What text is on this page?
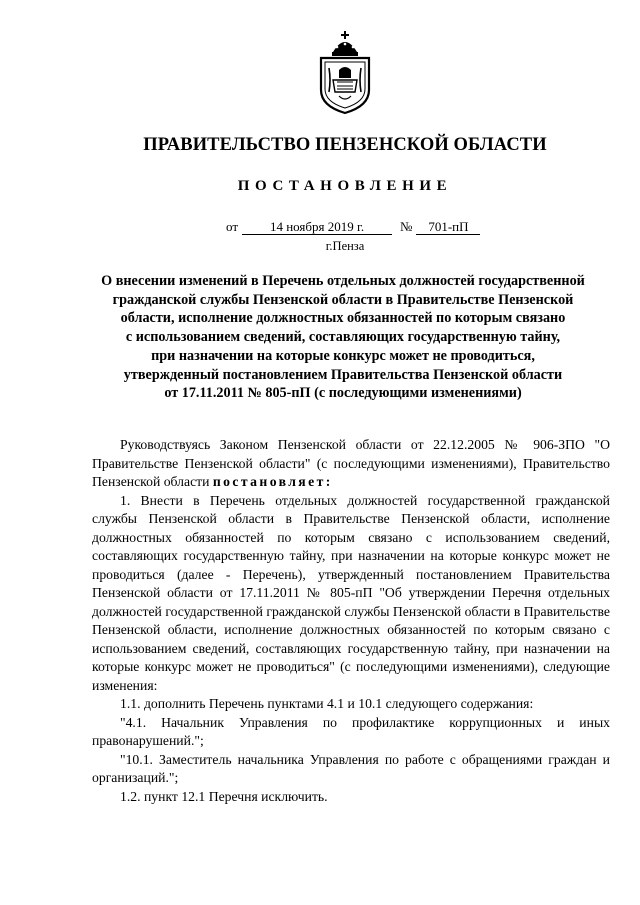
ПРАВИТЕЛЬСТВО ПЕНЗЕНСКОЙ ОБЛАСТИ
ПОСТАНОВЛЕНИЕ
от 14 ноября 2019 г.	№ 701-пП
г.Пенза
О внесении изменений в Перечень отдельных должностей государственной
гражданской службы Пензенской области в Правительстве Пензенской
области, исполнение должностных обязанностей по которым связано
с использованием сведений, составляющих государственную тайну,
при назначении на которые конкурс может не проводиться,
утвержденный постановлением Правительства Пензенской области
от 17.11.2011 № 805-пП (с последующими изменениями)

Руководствуясь Законом Пензенской области от 22.12.2005 № 906-ЗПО "О Правительстве Пензенской области" (с последующими изменениями), Правительство Пензенской области постановляет:

1. Внести в Перечень отдельных должностей государственной гражданской службы Пензенской области в Правительстве Пензенской области, исполнение должностных обязанностей по которым связано с использованием сведений, составляющих государственную тайну, при назначении на которые конкурс может не проводиться (далее - Перечень), утвержденный постановлением Правительства Пензенской области от 17.11.2011 № 805-пП "Об утверждении Перечня отдельных должностей государственной гражданской службы Пензенской области в Правительстве Пензенской области, исполнение должностных обязанностей по которым связано с использованием сведений, составляющих государственную тайну, при назначении на которые конкурс может не проводиться" (с последующими изменениями), следующие изменения:

1.1. дополнить Перечень пунктами 4.1 и 10.1 следующего содержания:

"4.1. Начальник Управления по профилактике коррупционных и иных правонарушений.";

"10.1. Заместитель начальника Управления по работе с обращениями граждан и организаций.";

1.2. пункт 12.1 Перечня исключить.
